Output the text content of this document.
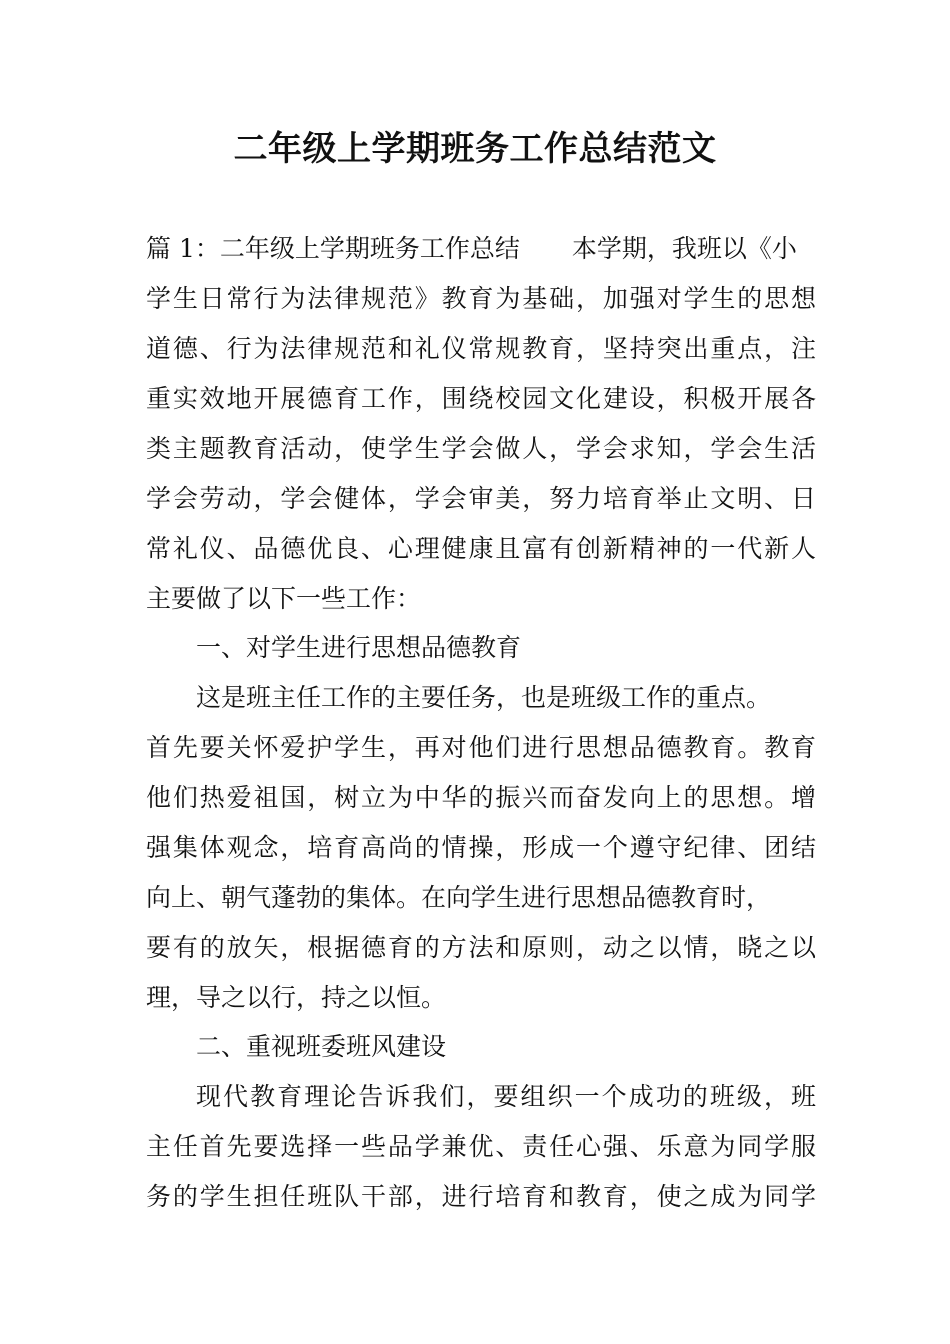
二年级上学期班务工作总结范文

篇 1：二年级上学期班务工作总结 本学期，我班以《小

学生日常行为法律规范》教育为基础，加强对学生的思想

道德、行为法律规范和礼仪常规教育，坚持突出重点，注

重实效地开展德育工作，围绕校园文化建设，积极开展各

类主题教育活动，使学生学会做人，学会求知，学会生活

学会劳动，学会健体，学会审美，努力培育举止文明、日

常礼仪、品德优良、心理健康且富有创新精神的一代新人

主要做了以下一些工作：

一、对学生进行思想品德教育

这是班主任工作的主要任务，也是班级工作的重点。

首先要关怀爱护学生，再对他们进行思想品德教育。教育

他们热爱祖国，树立为中华的振兴而奋发向上的思想。增

强集体观念，培育高尚的情操，形成一个遵守纪律、团结

向上、朝气蓬勃的集体。在向学生进行思想品德教育时，

要有的放矢，根据德育的方法和原则，动之以情，晓之以

理，导之以行，持之以恒。

二、重视班委班风建设

现代教育理论告诉我们，要组织一个成功的班级，班

主任首先要选择一些品学兼优、责任心强、乐意为同学服

务的学生担任班队干部，进行培育和教育，使之成为同学
